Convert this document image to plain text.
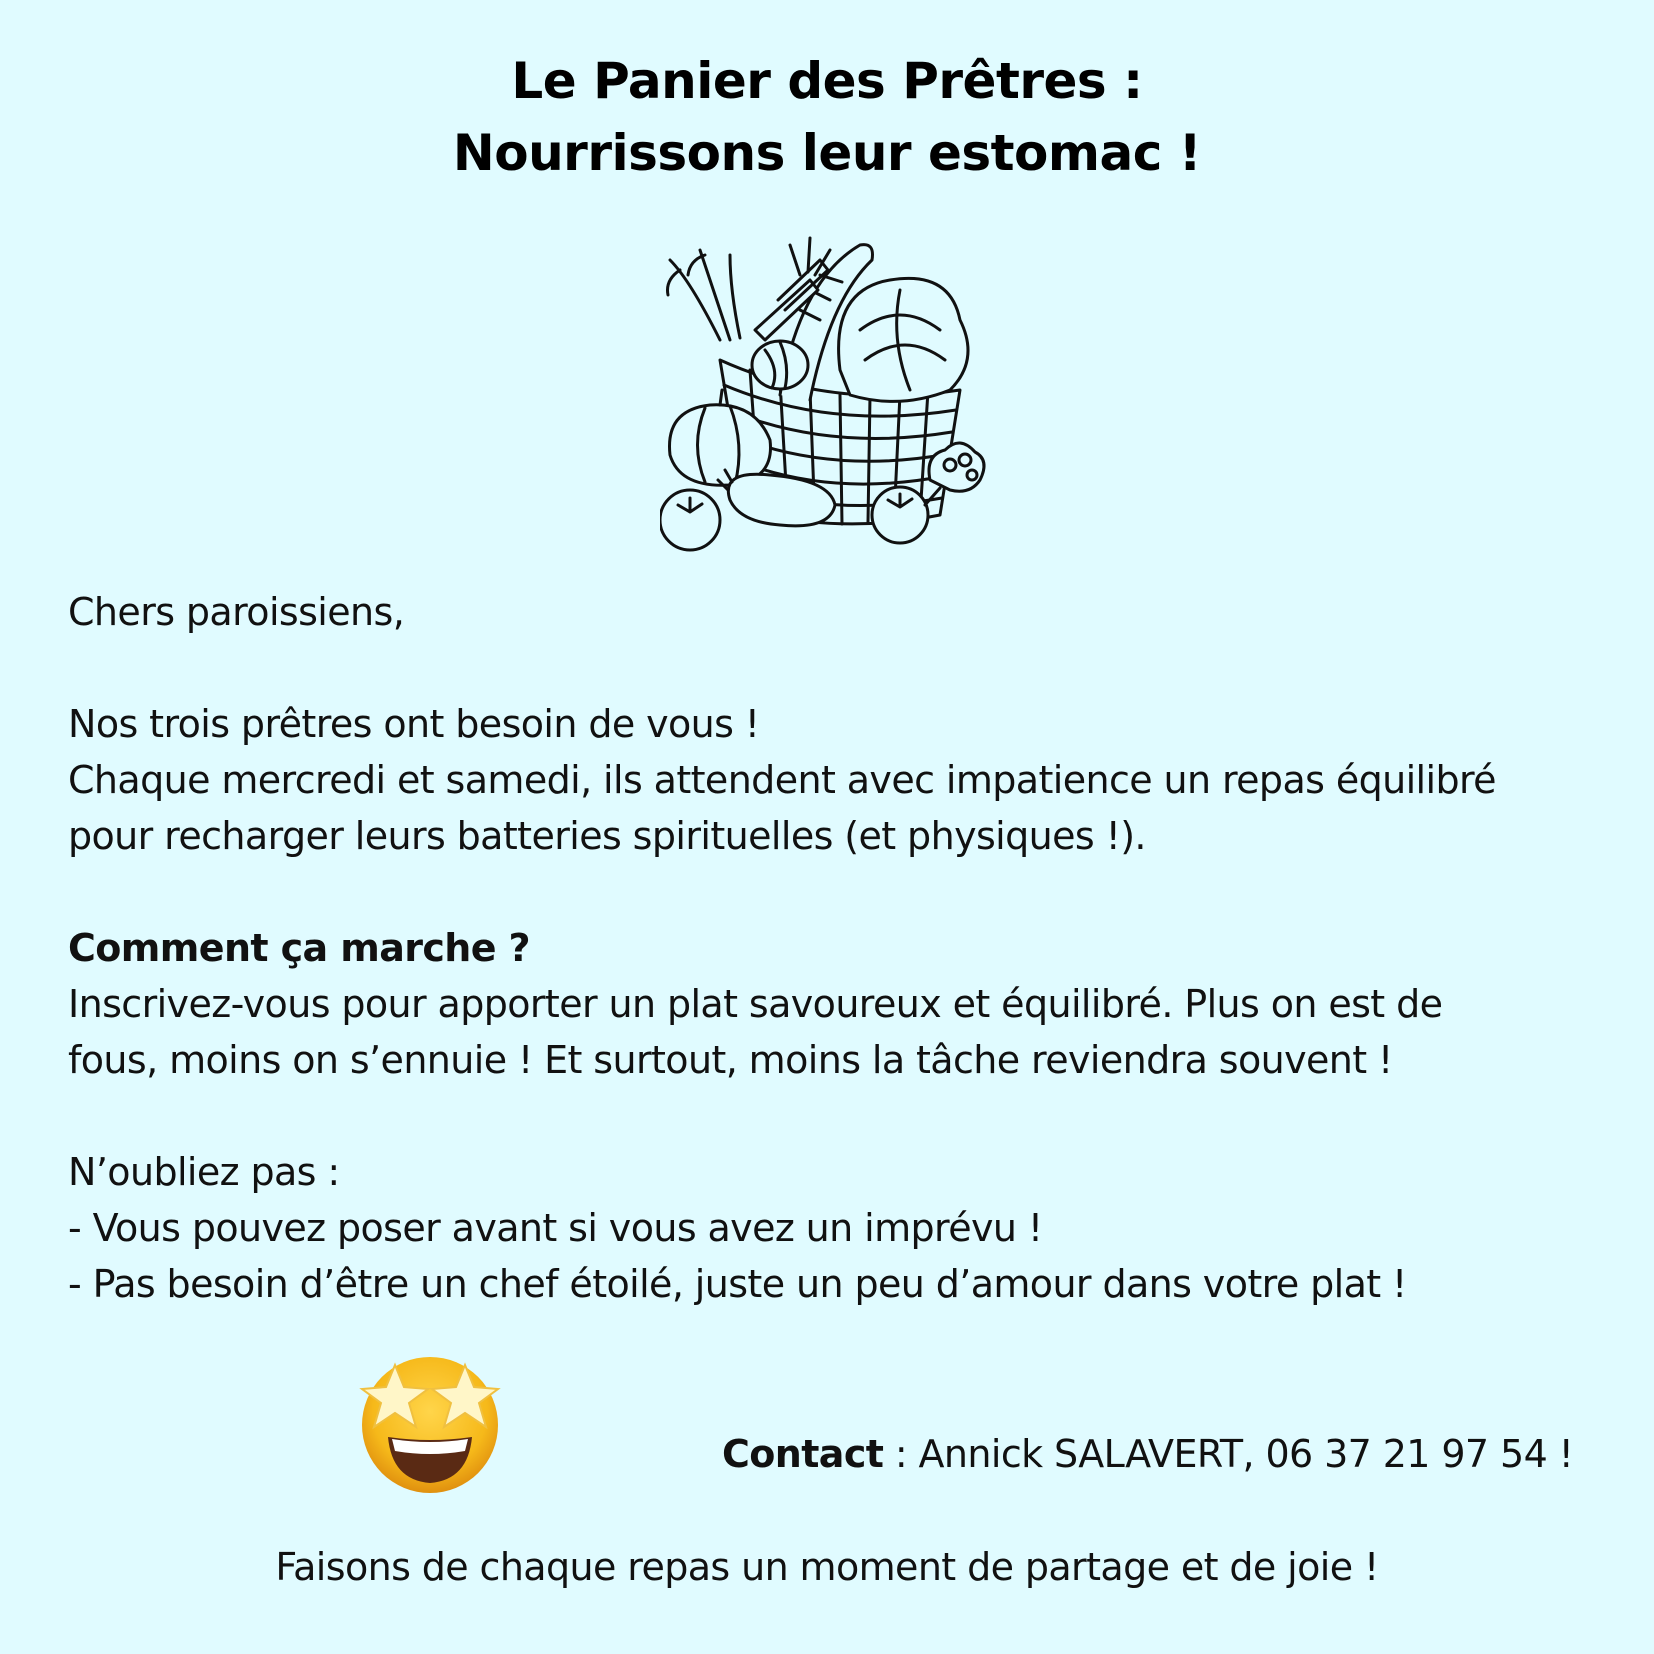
Le Panier des Prêtres :
Nourrissons leur estomac !
Chers paroissiens,
Nos trois prêtres ont besoin de vous !
Chaque mercredi et samedi, ils attendent avec impatience un repas équilibré
pour recharger leurs batteries spirituelles (et physiques !).
Comment ça marche ?
Inscrivez-vous pour apporter un plat savoureux et équilibré. Plus on est de
fous, moins on s’ennuie ! Et surtout, moins la tâche reviendra souvent !
N’oubliez pas :
- Vous pouvez poser avant si vous avez un imprévu !
- Pas besoin d’être un chef étoilé, juste un peu d’amour dans votre plat !
Contact : Annick SALAVERT, 06 37 21 97 54 !
Faisons de chaque repas un moment de partage et de joie !
